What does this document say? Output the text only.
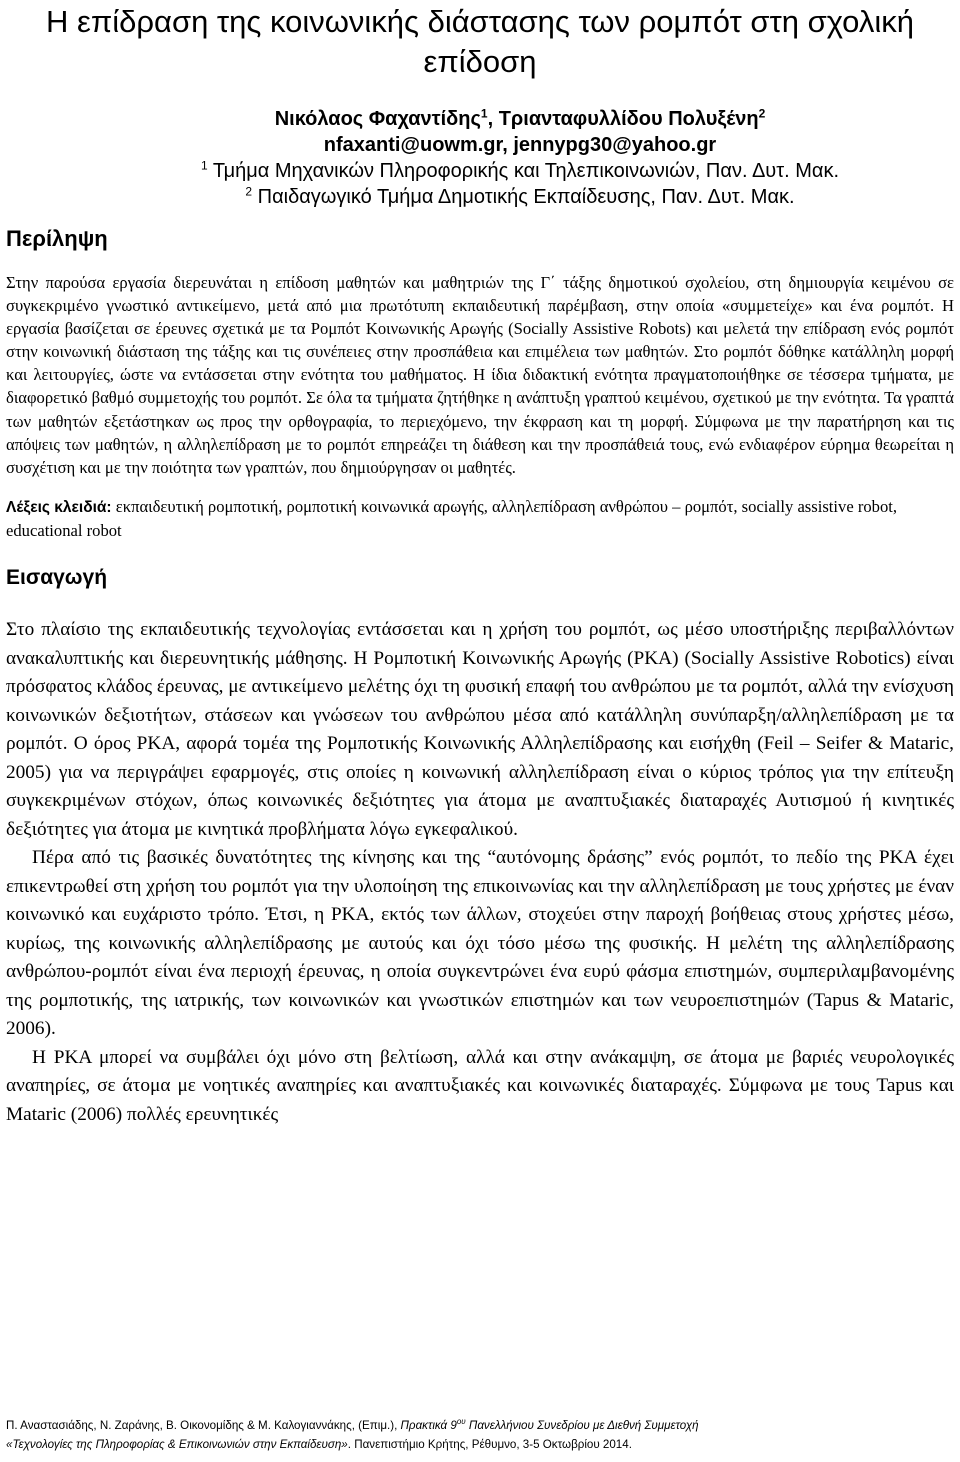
Η επίδραση της κοινωνικής διάστασης των ρομπότ στη σχολική επίδοση
Νικόλαος Φαχαντίδης$^1$, Τριανταφυλλίδου Πολυξένη$^2$
nfaxanti@uowm.gr, jennypg30@yahoo.gr
$^1$ Τμήμα Μηχανικών Πληροφορικής και Τηλεπικοινωνιών, Παν. Δυτ. Μακ.
$^2$ Παιδαγωγικό Τμήμα Δημοτικής Εκπαίδευσης, Παν. Δυτ. Μακ.
Περίληψη

Στην παρούσα εργασία διερευνάται η επίδοση μαθητών και μαθητριών της Γ΄ τάξης δημοτικού σχολείου, στη δημιουργία κειμένου σε συγκεκριμένο γνωστικό αντικείμενο, μετά από μια πρωτότυπη εκπαιδευτική παρέμβαση, στην οποία «συμμετείχε» και ένα ρομπότ. Η εργασία βασίζεται σε έρευνες σχετικά με τα Ρομπότ Κοινωνικής Αρωγής (Socially Assistive Robots) και μελετά την επίδραση ενός ρομπότ στην κοινωνική διάσταση της τάξης και τις συνέπειες στην προσπάθεια και επιμέλεια των μαθητών. Στο ρομπότ δόθηκε κατάλληλη μορφή και λειτουργίες, ώστε να εντάσσεται στην ενότητα του μαθήματος. Η ίδια διδακτική ενότητα πραγματοποιήθηκε σε τέσσερα τμήματα, με διαφορετικό βαθμό συμμετοχής του ρομπότ. Σε όλα τα τμήματα ζητήθηκε η ανάπτυξη γραπτού κειμένου, σχετικού με την ενότητα. Τα γραπτά των μαθητών εξετάστηκαν ως προς την ορθογραφία, το περιεχόμενο, την έκφραση και τη μορφή. Σύμφωνα με την παρατήρηση και τις απόψεις των μαθητών, η αλληλεπίδραση με το ρομπότ επηρεάζει τη διάθεση και την προσπάθειά τους, ενώ ενδιαφέρον εύρημα θεωρείται η συσχέτιση και με την ποιότητα των γραπτών, που δημιούργησαν οι μαθητές.

Λέξεις κλειδιά: εκπαιδευτική ρομποτική, ρομποτική κοινωνικά αρωγής, αλληλεπίδραση ανθρώπου – ρομπότ, socially assistive robot, educational robot
Εισαγωγή

Στο πλαίσιο της εκπαιδευτικής τεχνολογίας εντάσσεται και η χρήση του ρομπότ, ως μέσο υποστήριξης περιβαλλόντων ανακαλυπτικής και διερευνητικής μάθησης. Η Ρομποτική Κοινωνικής Αρωγής (ΡΚΑ) (Socially Assistive Robotics) είναι πρόσφατος κλάδος έρευνας, με αντικείμενο μελέτης όχι τη φυσική επαφή του ανθρώπου με τα ρομπότ, αλλά την ενίσχυση κοινωνικών δεξιοτήτων, στάσεων και γνώσεων του ανθρώπου μέσα από κατάλληλη συνύπαρξη/αλληλεπίδραση με τα ρομπότ. Ο όρος ΡΚΑ, αφορά τομέα της Ρομποτικής Κοινωνικής Αλληλεπίδρασης και εισήχθη (Feil – Seifer & Mataric, 2005) για να περιγράψει εφαρμογές, στις οποίες η κοινωνική αλληλεπίδραση είναι ο κύριος τρόπος για την επίτευξη συγκεκριμένων στόχων, όπως κοινωνικές δεξιότητες για άτομα με αναπτυξιακές διαταραχές Αυτισμού ή κινητικές δεξιότητες για άτομα με κινητικά προβλήματα λόγω εγκεφαλικού.

Πέρα από τις βασικές δυνατότητες της κίνησης και της “αυτόνομης δράσης” ενός ρομπότ, το πεδίο της ΡΚΑ έχει επικεντρωθεί στη χρήση του ρομπότ για την υλοποίηση της επικοινωνίας και την αλληλεπίδραση με τους χρήστες με έναν κοινωνικό και ευχάριστο τρόπο. Έτσι, η ΡΚΑ, εκτός των άλλων, στοχεύει στην παροχή βοήθειας στους χρήστες μέσω, κυρίως, της κοινωνικής αλληλεπίδρασης με αυτούς και όχι τόσο μέσω της φυσικής. Η μελέτη της αλληλεπίδρασης ανθρώπου-ρομπότ είναι ένα περιοχή έρευνας, η οποία συγκεντρώνει ένα ευρύ φάσμα επιστημών, συμπεριλαμβανομένης της ρομποτικής, της ιατρικής, των κοινωνικών και γνωστικών επιστημών και των νευροεπιστημών (Tapus & Mataric, 2006).

Η ΡΚΑ μπορεί να συμβάλει όχι μόνο στη βελτίωση, αλλά και στην ανάκαμψη, σε άτομα με βαριές νευρολογικές αναπηρίες, σε άτομα με νοητικές αναπηρίες και αναπτυξιακές και κοινωνικές διαταραχές. Σύμφωνα με τους Tapus και Mataric (2006) πολλές ερευνητικές

Π. Αναστασιάδης, Ν. Ζαράνης, Β. Οικονομίδης & Μ. Καλογιαννάκης, (Επιμ.), Πρακτικά $9^{o\upsilon}$ Πανελλήνιου Συνεδρίου με Διεθνή Συμμετοχή
«Τεχνολογίες της Πληροφορίας & Επικοινωνιών στην Εκπαίδευση». Πανεπιστήμιο Κρήτης, Ρέθυμνο, 3-5 Οκτωβρίου 2014.
